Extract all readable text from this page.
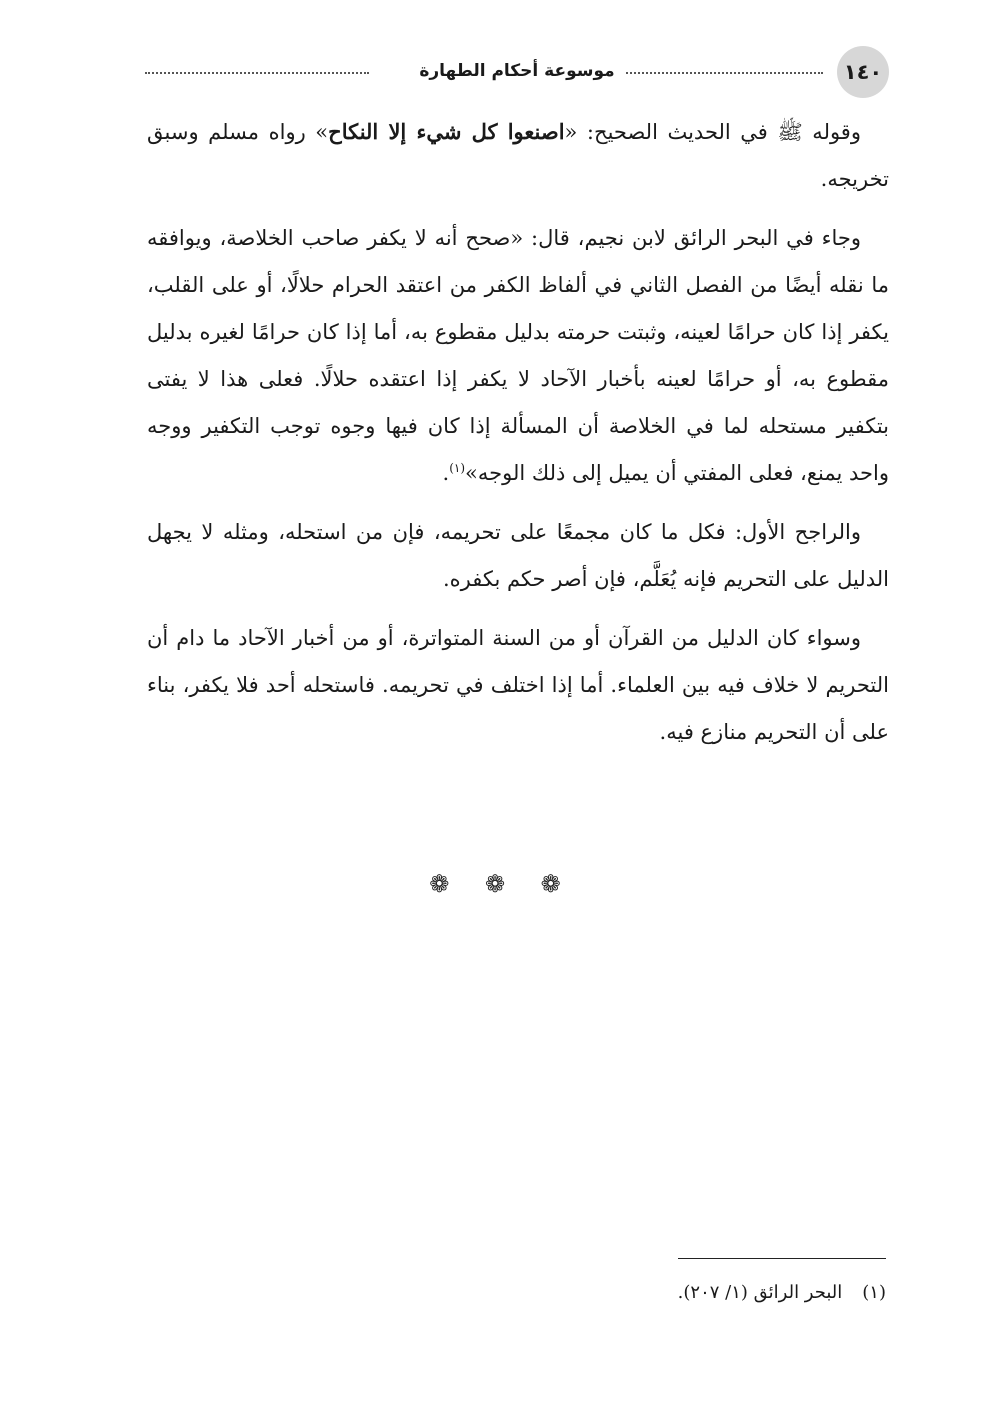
موسوعة أحكام الطهارة	١٤٠

وقوله ﷺ في الحديث الصحيح: «اصنعوا كل شيء إلا النكاح» رواه مسلم وسبق تخريجه.

وجاء في البحر الرائق لابن نجيم، قال: «صحح أنه لا يكفر صاحب الخلاصة، ويوافقه ما نقله أيضًا من الفصل الثاني في ألفاظ الكفر من اعتقد الحرام حلالًا، أو على القلب، يكفر إذا كان حرامًا لعينه، وثبتت حرمته بدليل مقطوع به، أما إذا كان حرامًا لغيره بدليل مقطوع به، أو حرامًا لعينه بأخبار الآحاد لا يكفر إذا اعتقده حلالًا. فعلى هذا لا يفتى بتكفير مستحله لما في الخلاصة أن المسألة إذا كان فيها وجوه توجب التكفير ووجه واحد يمنع، فعلى المفتي أن يميل إلى ذلك الوجه»$^{(١)}$.

والراجح الأول: فكل ما كان مجمعًا على تحريمه، فإن من استحله، ومثله لا يجهل الدليل على التحريم فإنه يُعَلَّم، فإن أصر حكم بكفره.

وسواء كان الدليل من القرآن أو من السنة المتواترة، أو من أخبار الآحاد ما دام أن التحريم لا خلاف فيه بين العلماء. أما إذا اختلف في تحريمه. فاستحله أحد فلا يكفر، بناء على أن التحريم منازع فيه.

❁ ❁ ❁
(١)البحر الرائق (١/ ٢٠٧).
